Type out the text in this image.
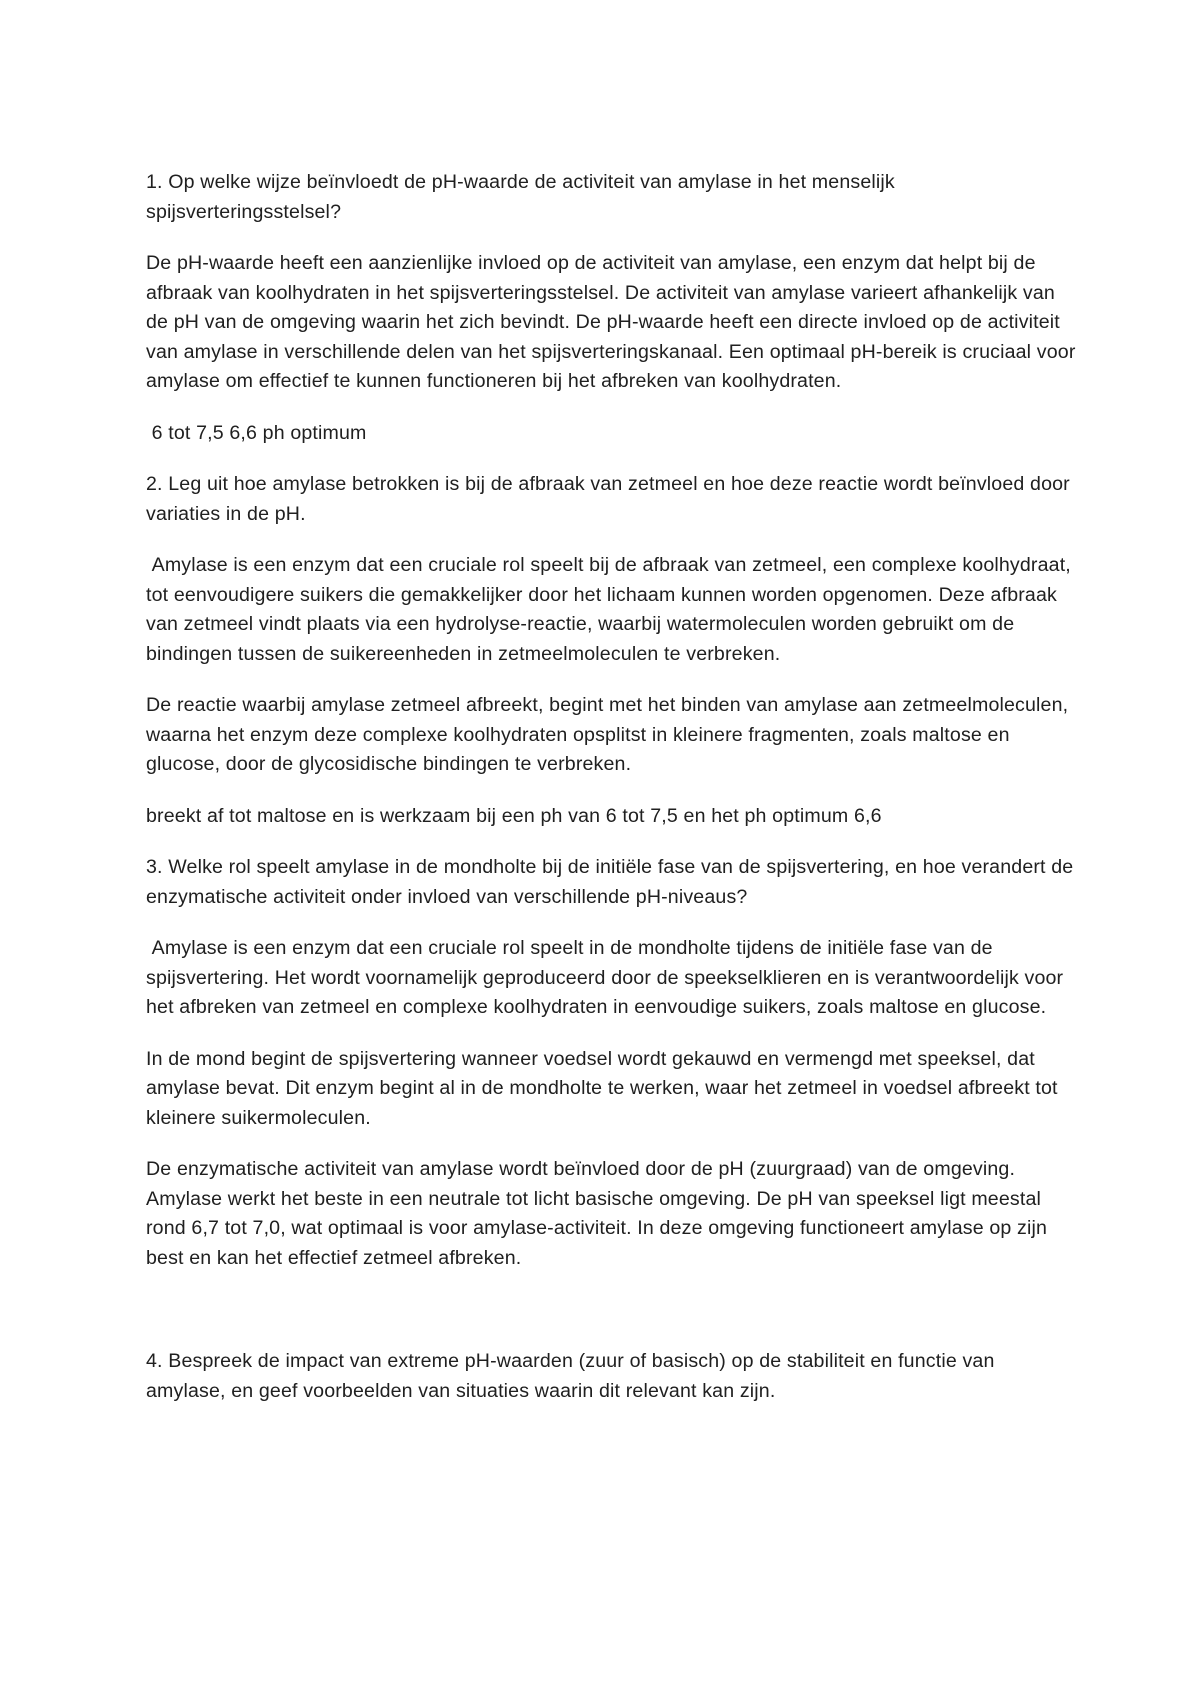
1. Op welke wijze beïnvloedt de pH-waarde de activiteit van amylase in het menselijk spijsverteringsstelsel?

De pH-waarde heeft een aanzienlijke invloed op de activiteit van amylase, een enzym dat helpt bij de afbraak van koolhydraten in het spijsverteringsstelsel. De activiteit van amylase varieert afhankelijk van de pH van de omgeving waarin het zich bevindt. De pH-waarde heeft een directe invloed op de activiteit van amylase in verschillende delen van het spijsverteringskanaal. Een optimaal pH-bereik is cruciaal voor amylase om effectief te kunnen functioneren bij het afbreken van koolhydraten.

6 tot 7,5 6,6 ph optimum

2. Leg uit hoe amylase betrokken is bij de afbraak van zetmeel en hoe deze reactie wordt beïnvloed door variaties in de pH.

Amylase is een enzym dat een cruciale rol speelt bij de afbraak van zetmeel, een complexe koolhydraat, tot eenvoudigere suikers die gemakkelijker door het lichaam kunnen worden opgenomen. Deze afbraak van zetmeel vindt plaats via een hydrolyse-reactie, waarbij watermoleculen worden gebruikt om de bindingen tussen de suikereenheden in zetmeelmoleculen te verbreken.

De reactie waarbij amylase zetmeel afbreekt, begint met het binden van amylase aan zetmeelmoleculen, waarna het enzym deze complexe koolhydraten opsplitst in kleinere fragmenten, zoals maltose en glucose, door de glycosidische bindingen te verbreken.

breekt af tot maltose en is werkzaam bij een ph van 6 tot 7,5 en het ph optimum 6,6

3. Welke rol speelt amylase in de mondholte bij de initiële fase van de spijsvertering, en hoe verandert de enzymatische activiteit onder invloed van verschillende pH-niveaus?

Amylase is een enzym dat een cruciale rol speelt in de mondholte tijdens de initiële fase van de spijsvertering. Het wordt voornamelijk geproduceerd door de speekselklieren en is verantwoordelijk voor het afbreken van zetmeel en complexe koolhydraten in eenvoudige suikers, zoals maltose en glucose.

In de mond begint de spijsvertering wanneer voedsel wordt gekauwd en vermengd met speeksel, dat amylase bevat. Dit enzym begint al in de mondholte te werken, waar het zetmeel in voedsel afbreekt tot kleinere suikermoleculen.

De enzymatische activiteit van amylase wordt beïnvloed door de pH (zuurgraad) van de omgeving. Amylase werkt het beste in een neutrale tot licht basische omgeving. De pH van speeksel ligt meestal rond 6,7 tot 7,0, wat optimaal is voor amylase-activiteit. In deze omgeving functioneert amylase op zijn best en kan het effectief zetmeel afbreken.

4. Bespreek de impact van extreme pH-waarden (zuur of basisch) op de stabiliteit en functie van amylase, en geef voorbeelden van situaties waarin dit relevant kan zijn.
